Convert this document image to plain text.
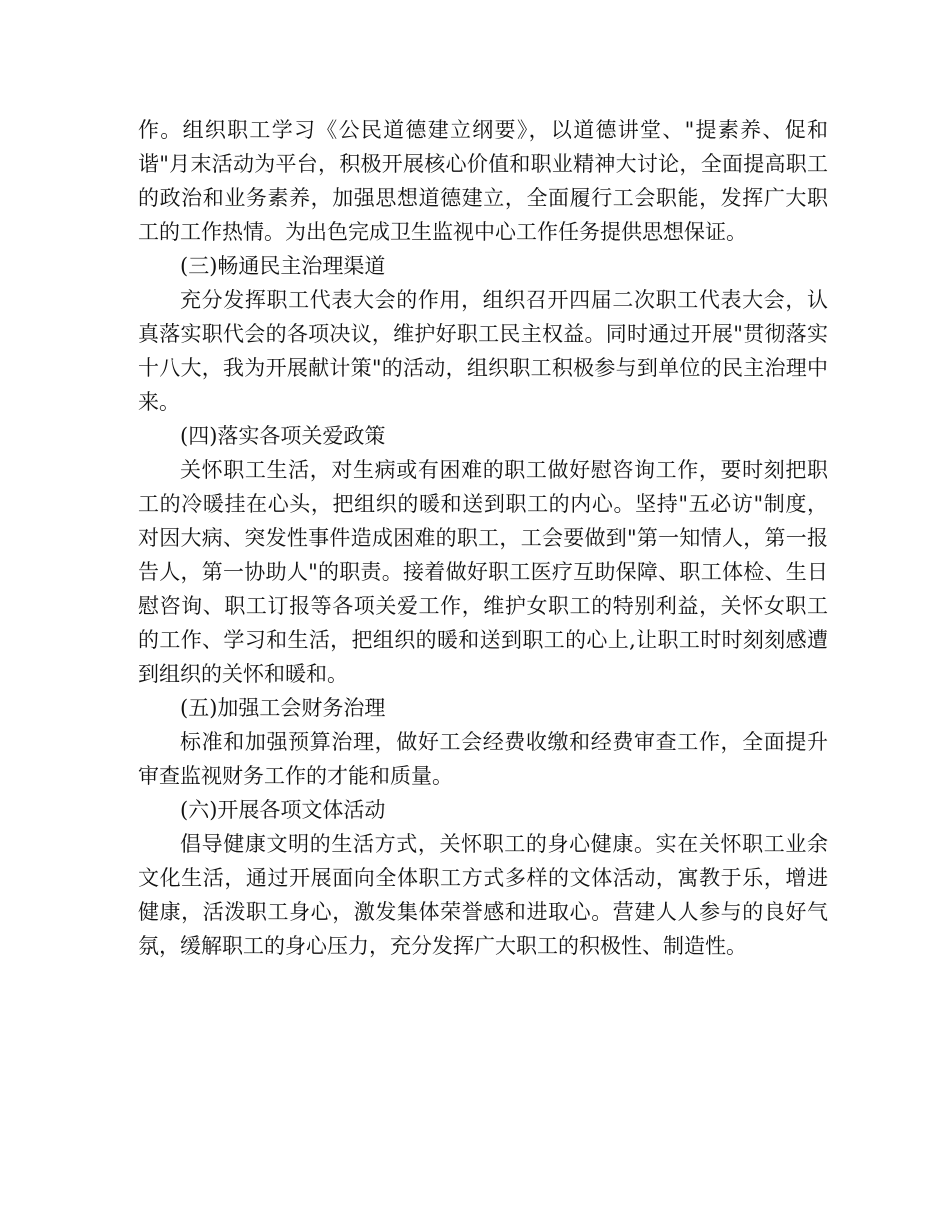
作。组织职工学习《公民道德建立纲要》，以道德讲堂、"提素养、促和谐"月末活动为平台，积极开展核心价值和职业精神大讨论，全面提高职工的政治和业务素养，加强思想道德建立，全面履行工会职能，发挥广大职工的工作热情。为出色完成卫生监视中心工作任务提供思想保证。

(三)畅通民主治理渠道

充分发挥职工代表大会的作用，组织召开四届二次职工代表大会，认真落实职代会的各项决议，维护好职工民主权益。同时通过开展"贯彻落实十八大，我为开展献计策"的活动，组织职工积极参与到单位的民主治理中来。

(四)落实各项关爱政策

关怀职工生活，对生病或有困难的职工做好慰咨询工作，要时刻把职工的冷暖挂在心头，把组织的暖和送到职工的内心。坚持"五必访"制度，对因大病、突发性事件造成困难的职工，工会要做到"第一知情人，第一报告人，第一协助人"的职责。接着做好职工医疗互助保障、职工体检、生日慰咨询、职工订报等各项关爱工作，维护女职工的特别利益，关怀女职工的工作、学习和生活，把组织的暖和送到职工的心上,让职工时时刻刻感遭到组织的关怀和暖和。

(五)加强工会财务治理

标准和加强预算治理，做好工会经费收缴和经费审查工作，全面提升审查监视财务工作的才能和质量。

(六)开展各项文体活动

倡导健康文明的生活方式，关怀职工的身心健康。实在关怀职工业余文化生活，通过开展面向全体职工方式多样的文体活动，寓教于乐，增进健康，活泼职工身心，激发集体荣誉感和进取心。营建人人参与的良好气氛，缓解职工的身心压力，充分发挥广大职工的积极性、制造性。
